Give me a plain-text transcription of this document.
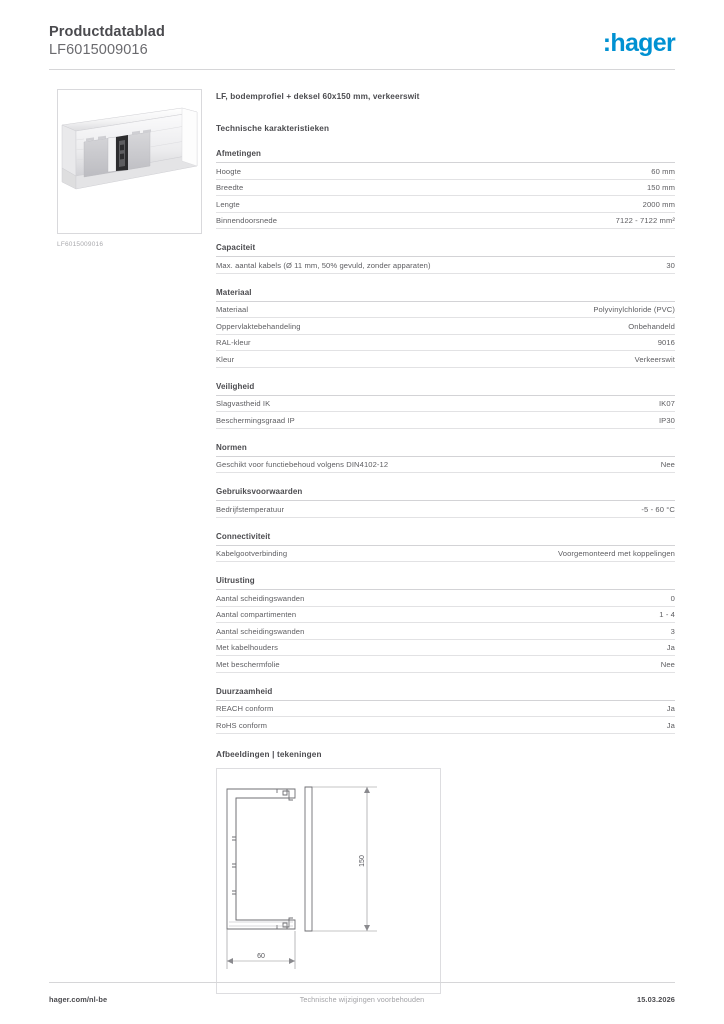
Productdatablad
LF6015009016	:hager
LF6015009016
LF, bodemprofiel + deksel 60x150 mm, verkeerswit
Technische karakteristieken
Afmetingen
Hoogte	60 mm
Breedte	150 mm
Lengte	2000 mm
Binnendoorsnede	7122 - 7122 mm²
Capaciteit
Max. aantal kabels (Ø 11 mm, 50% gevuld, zonder apparaten)	30
Materiaal
Materiaal	Polyvinylchloride (PVC)
Oppervlaktebehandeling	Onbehandeld
RAL-kleur	9016
Kleur	Verkeerswit
Veiligheid
Slagvastheid IK	IK07
Beschermingsgraad IP	IP30
Normen
Geschikt voor functiebehoud volgens DIN4102-12	Nee
Gebruiksvoorwaarden
Bedrijfstemperatuur	-5 - 60 °C
Connectiviteit
Kabelgootverbinding	Voorgemonteerd met koppelingen
Uitrusting
Aantal scheidingswanden	0
Aantal compartimenten	1 - 4
Aantal scheidingswanden	3
Met kabelhouders	Ja
Met beschermfolie	Nee
Duurzaamheid
REACH conform	Ja
RoHS conform	Ja
Afbeeldingen | tekeningen
150
60
hager.com/nl-be	Technische wijzigingen voorbehouden	15.03.2026
